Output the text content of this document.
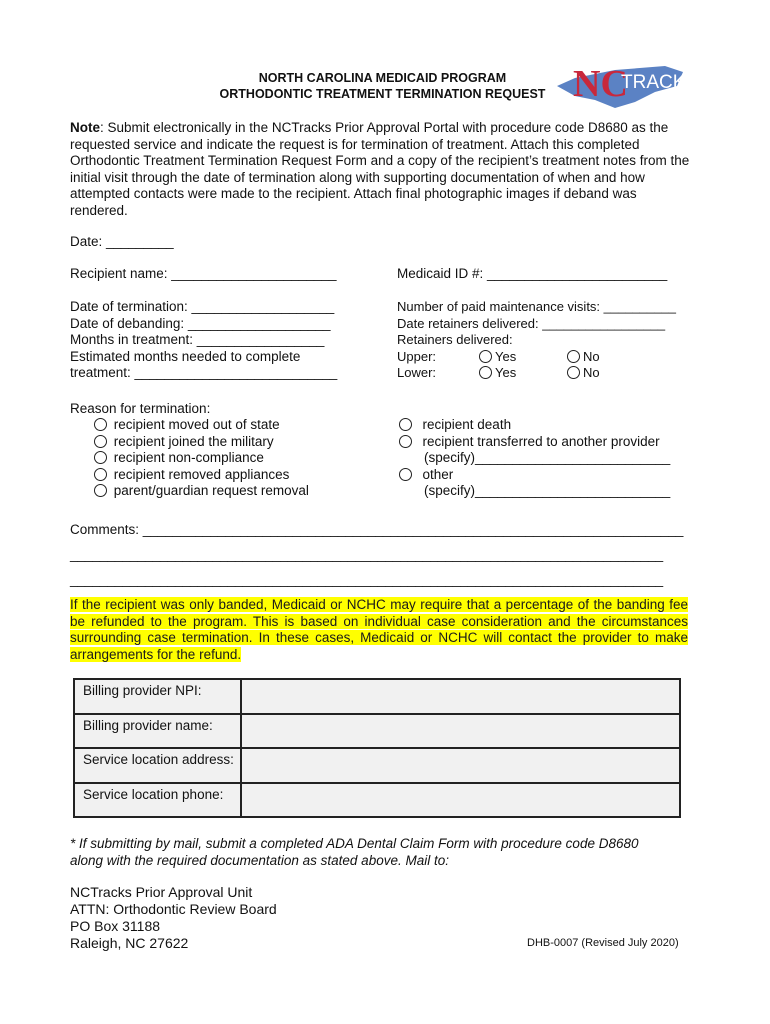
NORTH CAROLINA MEDICAID PROGRAM
ORTHODONTIC TREATMENT TERMINATION REQUEST NC
TRACKS
Note: Submit electronically in the NCTracks Prior Approval Portal with procedure code D8680 as the requested service and indicate the request is for termination of treatment. Attach this completed Orthodontic Treatment Termination Request Form and a copy of the recipient’s treatment notes from the initial visit through the date of termination along with supporting documentation of when and how attempted contacts were made to the recipient. Attach final photographic images if deband was rendered.
Date: _________
Recipient name: ______________________	Medicaid ID #: ________________________
Date of termination: ___________________
Date of debanding: ___________________
Months in treatment: _________________
Estimated months needed to complete
treatment: ___________________________
Number of paid maintenance visits: __________
Date retainers delivered: _________________
Retainers delivered:
Upper:	Yes	No
Lower:	Yes	No
Reason for termination:
recipient moved out of state
recipient joined the military
recipient non-compliance
recipient removed appliances
parent/guardian request removal
recipient death
recipient transferred to another provider
(specify)__________________________
other
(specify)__________________________
Comments: ________________________________________________________________________
_______________________________________________________________________________
_______________________________________________________________________________
If the recipient was only banded, Medicaid or NCHC may require that a percentage of the banding fee be refunded to the program. This is based on individual case consideration and the circumstances surrounding case termination. In these cases, Medicaid or NCHC will contact the provider to make arrangements for the refund.
Billing provider NPI:	
Billing provider name:	
Service location address:	
Service location phone:	
* If submitting by mail, submit a completed ADA Dental Claim Form with procedure code D8680
along with the required documentation as stated above. Mail to:
NCTracks Prior Approval Unit
ATTN: Orthodontic Review Board
PO Box 31188
Raleigh, NC 27622	DHB-0007 (Revised July 2020)
